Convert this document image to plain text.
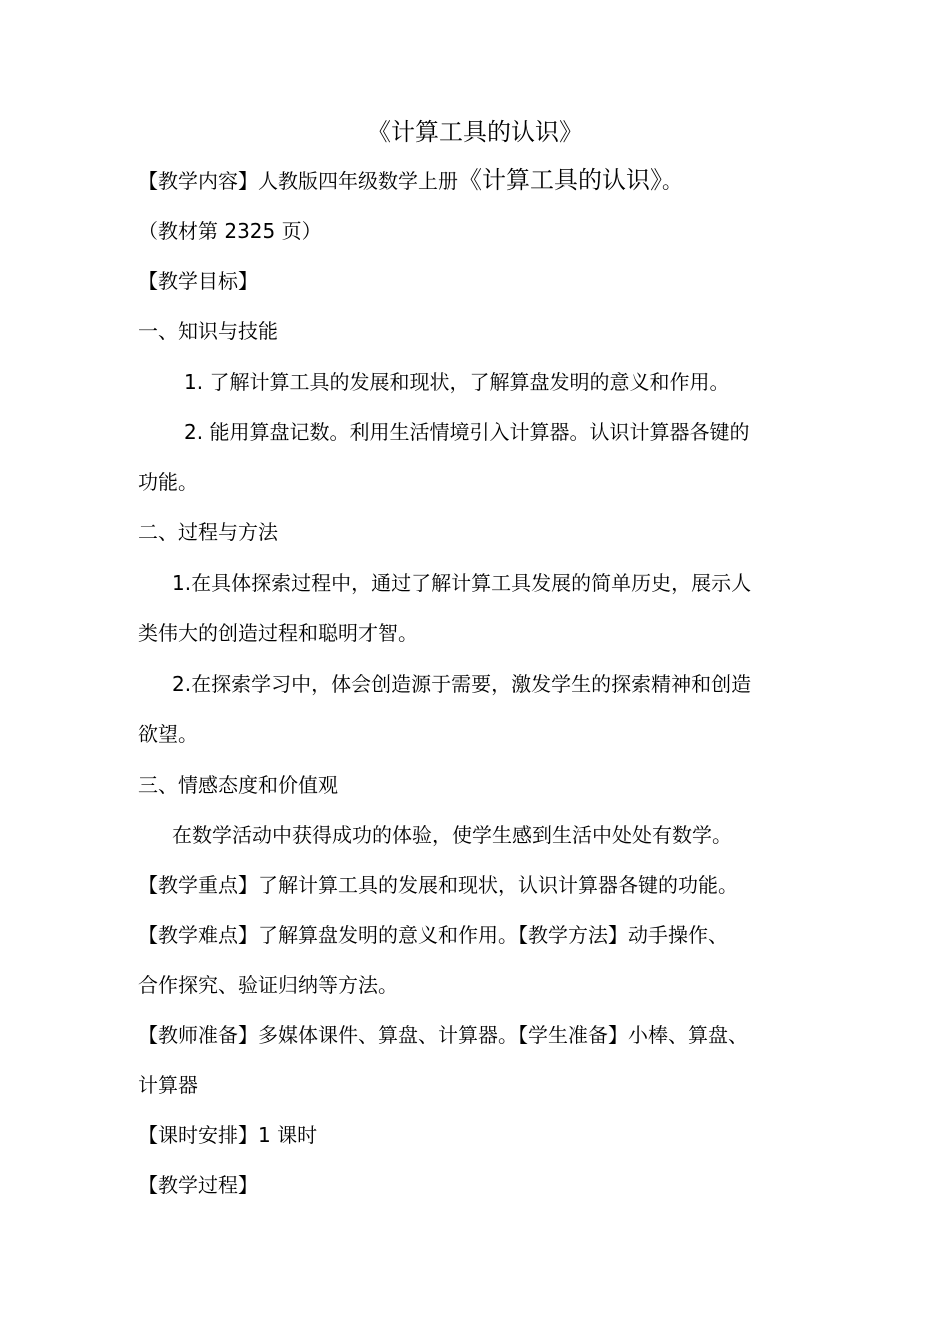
《计算工具的认识》
【教学内容】人教版四年级数学上册《计算工具的认识》。
（教材第 2325 页）
【教学目标】
一、知识与技能
1. 了解计算工具的发展和现状，了解算盘发明的意义和作用。
2. 能用算盘记数。利用生活情境引入计算器。认识计算器各键的
功能。
二、过程与方法
1.在具体探索过程中，通过了解计算工具发展的简单历史，展示人
类伟大的创造过程和聪明才智。
2.在探索学习中，体会创造源于需要，激发学生的探索精神和创造
欲望。
三、情感态度和价值观
在数学活动中获得成功的体验，使学生感到生活中处处有数学。
【教学重点】了解计算工具的发展和现状，认识计算器各键的功能。
【教学难点】了解算盘发明的意义和作用。【教学方法】动手操作、
合作探究、验证归纳等方法。
【教师准备】多媒体课件、算盘、计算器。【学生准备】小棒、算盘、
计算器
【课时安排】1 课时
【教学过程】
